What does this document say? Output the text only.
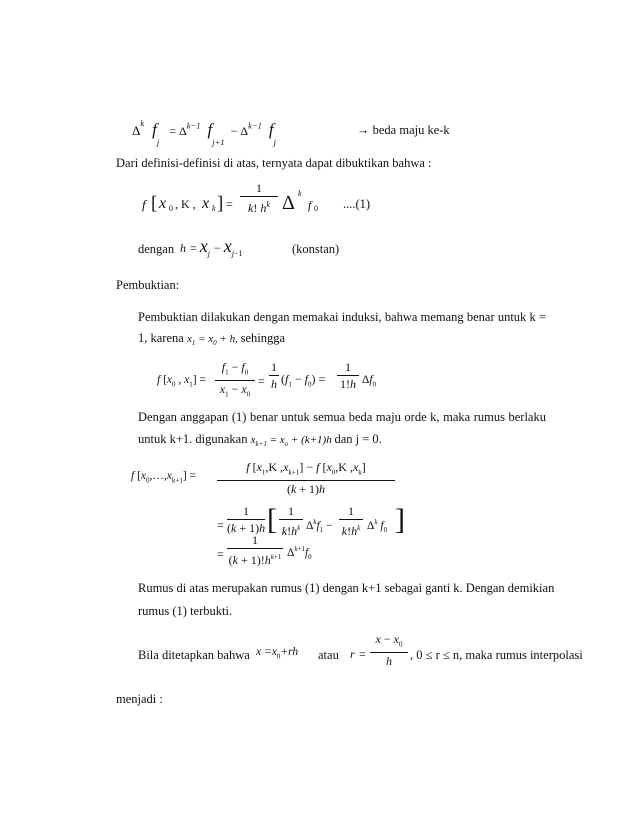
$\Delta^k$ $f_j = \Delta^{k-1}$ $f_{j+1} - \Delta^{k-1}$ $f_j$
→ beda maju ke-k
Dari definisi-definisi di atas, ternyata dapat dibuktikan bahwa :
f [ x 0 , K , x k ] =
1
k! $h^k$ Δ k
f 0 ....(1)
dengan $h = x_j - x_{j-1}$	(konstan)
Pembuktian:
Pembuktian dilakukan dengan memakai induksi, bahwa memang benar untuk k =
1, karena $x_1 = x_0 + h$, sehingga
f [$x_0$ , $x_1$] =
$f_1 - f_0$
$x_1 - x_0$
=
1
h $(f_1 - f_0)$ =
1
1!h $\Delta f_0$
Dengan anggapan (1) benar untuk semua beda maju orde k, maka rumus berlaku
untuk k+1. digunakan $x_{k+1} = x_o + (k+1)h$ dan j = 0.
f $[x_0,\dots,x_{k+1}]$ =
f [$x_1,K$ $,x_{k+1}] - f$ [$x_0,K$ $,x_k$]
(k + 1)h
=
1
(k + 1)h [ 1
$k!h^k$ $\Delta^kf_1$ −
1
$k!h^k$ $\Delta^k$ $f_0$ ]
=
1
$(k + 1)!h^{k+1}$ $\Delta^{k+1}f_0$
Rumus di atas merupakan rumus (1) dengan k+1 sebagai ganti k. Dengan demikian
rumus (1) terbukti.
Bila ditetapkan bahwa $x =x_0+rh$ atau r =
$x - x_0$
h	, 0 ≤ r ≤ n, maka rumus interpolasi
menjadi :
